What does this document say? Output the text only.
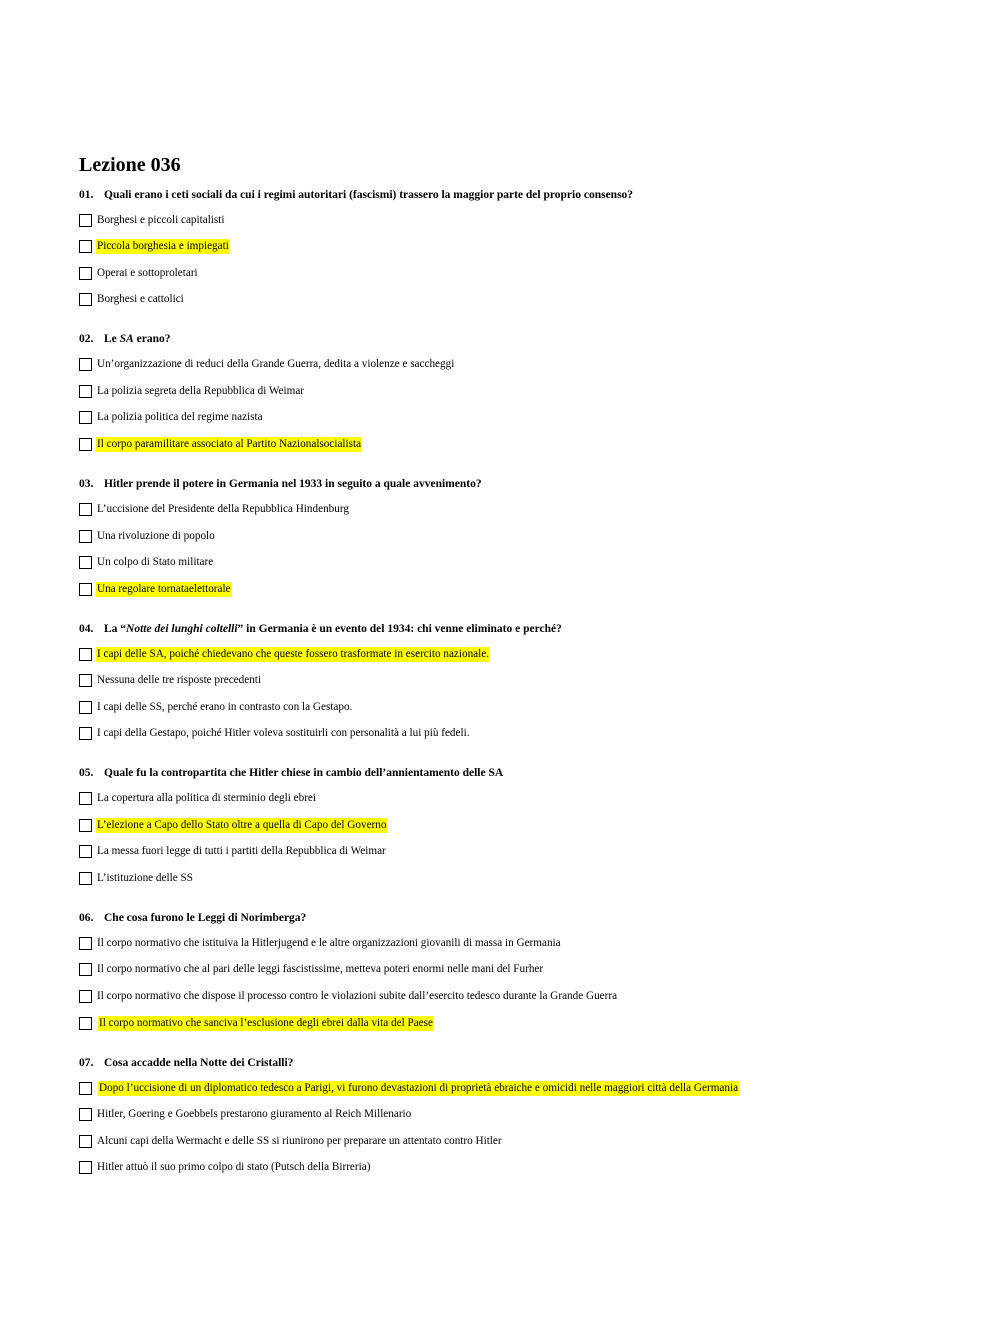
Lezione 036
01. Quali erano i ceti sociali da cui i regimi autoritari (fascismi) trassero la maggior parte del proprio consenso?
Borghesi e piccoli capitalisti
Piccola borghesia e impiegati
Operai e sottoproletari
Borghesi e cattolici
02. Le SA erano?
Un’organizzazione di reduci della Grande Guerra, dedita a violenze e saccheggi
La polizia segreta della Repubblica di Weimar
La polizia politica del regime nazista
Il corpo paramilitare associato al Partito Nazionalsocialista
03. Hitler prende il potere in Germania nel 1933 in seguito a quale avvenimento?
L’uccisione del Presidente della Repubblica Hindenburg
Una rivoluzione di popolo
Un colpo di Stato militare
Una regolare tornataelettorale
04. La “Notte dei lunghi coltelli” in Germania è un evento del 1934: chi venne eliminato e perché?
I capi delle SA, poiché chiedevano che queste fossero trasformate in esercito nazionale.
Nessuna delle tre risposte precedenti
I capi delle SS, perché erano in contrasto con la Gestapo.
I capi della Gestapo, poiché Hitler voleva sostituirli con personalità a lui più fedeli.
05. Quale fu la contropartita che Hitler chiese in cambio dell’annientamento delle SA
La copertura alla politica di sterminio degli ebrei
L’elezione a Capo dello Stato oltre a quella di Capo del Governo
La messa fuori legge di tutti i partiti della Repubblica di Weimar
L’istituzione delle SS
06. Che cosa furono le Leggi di Norimberga?
Il corpo normativo che istituiva la Hitlerjugend e le altre organizzazioni giovanili di massa in Germania
Il corpo normativo che al pari delle leggi fascistissime, metteva poteri enormi nelle mani del Furher
Il corpo normativo che dispose il processo contro le violazioni subite dall’esercito tedesco durante la Grande Guerra
Il corpo normativo che sanciva l’esclusione degli ebrei dalla vita del Paese
07. Cosa accadde nella Notte dei Cristalli?
Dopo l’uccisione di un diplomatico tedesco a Parigi, vi furono devastazioni di proprietà ebraiche e omicidi nelle maggiori città della Germania
Hitler, Goering e Goebbels prestarono giuramento al Reich Millenario
Alcuni capi della Wermacht e delle SS si riunirono per preparare un attentato contro Hitler
Hitler attuò il suo primo colpo di stato (Putsch della Birreria)
